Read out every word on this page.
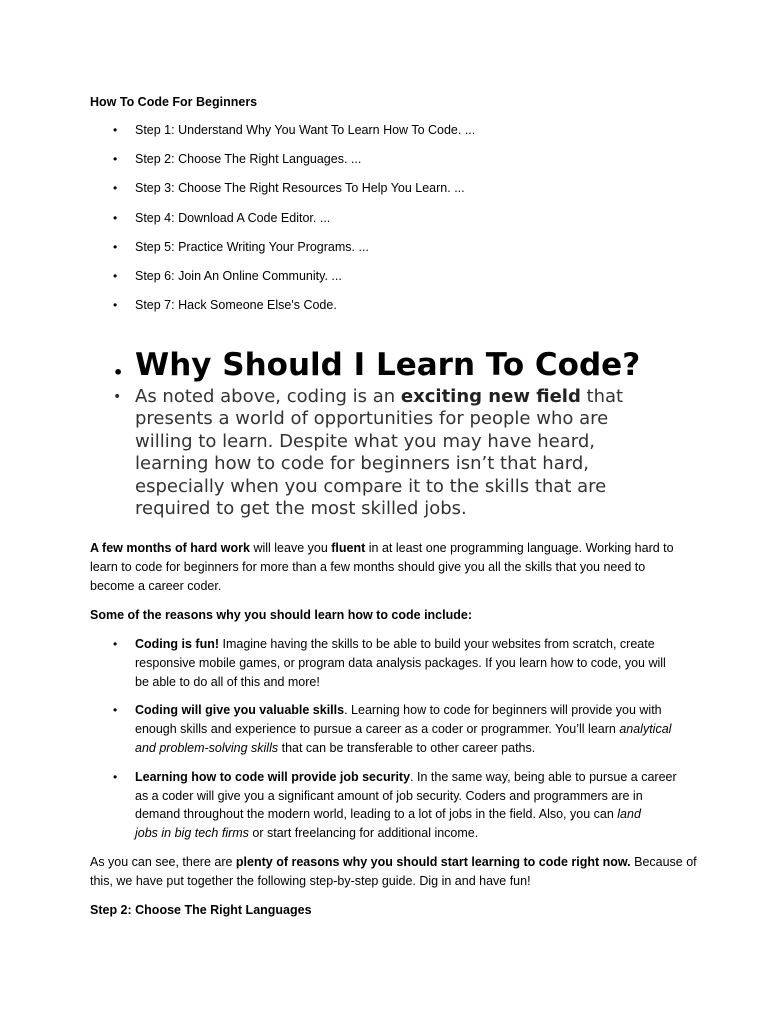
How To Code For Beginners
• Step 1: Understand Why You Want To Learn How To Code. ...
• Step 2: Choose The Right Languages. ...
• Step 3: Choose The Right Resources To Help You Learn. ...
• Step 4: Download A Code Editor. ...
• Step 5: Practice Writing Your Programs. ...
• Step 6: Join An Online Community. ...
• Step 7: Hack Someone Else's Code.
• Why Should I Learn To Code?
• As noted above, coding is an exciting new field that
presents a world of opportunities for people who are
willing to learn. Despite what you may have heard,
learning how to code for beginners isn’t that hard,
especially when you compare it to the skills that are
required to get the most skilled jobs.
A few months of hard work will leave you fluent in at least one programming language. Working hard to
learn to code for beginners for more than a few months should give you all the skills that you need to
become a career coder.
Some of the reasons why you should learn how to code include:
• Coding is fun! Imagine having the skills to be able to build your websites from scratch, create
responsive mobile games, or program data analysis packages. If you learn how to code, you will
be able to do all of this and more!
• Coding will give you valuable skills. Learning how to code for beginners will provide you with
enough skills and experience to pursue a career as a coder or programmer. You’ll learn analytical
and problem-solving skills that can be transferable to other career paths.
• Learning how to code will provide job security. In the same way, being able to pursue a career
as a coder will give you a significant amount of job security. Coders and programmers are in
demand throughout the modern world, leading to a lot of jobs in the field. Also, you can land
jobs in big tech firms or start freelancing for additional income.
As you can see, there are plenty of reasons why you should start learning to code right now. Because of
this, we have put together the following step-by-step guide. Dig in and have fun!
Step 2: Choose The Right Languages
